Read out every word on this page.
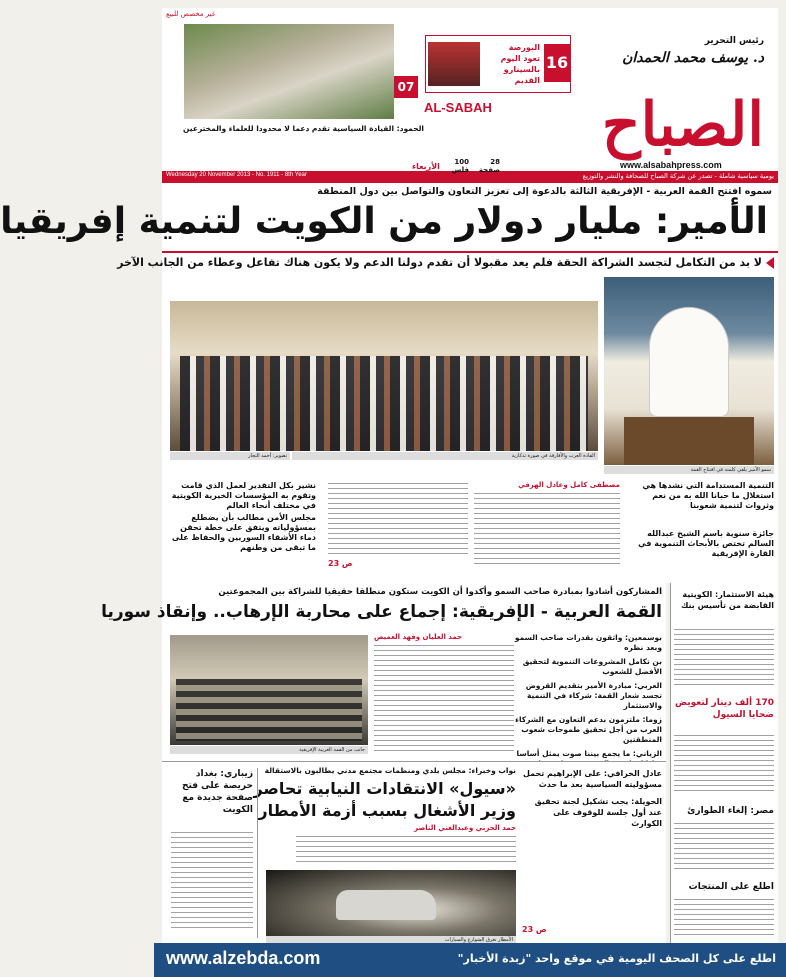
غير مخصص للبيع
رئيس التحرير
د. يوسف محمد الحمدان
16
البورصة تعود اليوم بالسينارو القديم
07
الحمود: القيادة السياسية تقدم دعما لا محدودا للعلماء والمخترعين	الصباح
AL-SABAH
www.alsabahpress.com
الأربعاء
يومية سياسية شاملة - تصدر عن شركة الصباح للصحافة والنشر والتوزيع
Wednesday 20 November 2013 - No. 1911 - 8th Year
28 صفحة
100 فلس
سموه افتتح القمة العربية - الإفريقية الثالثة بالدعوة إلى تعزيز التعاون والتواصل بين دول المنطقة
الأمير: مليار دولار من الكويت لتنمية إفريقيا
لا بد من التكامل لتجسد الشراكة الحقة فلم يعد مقبولا أن تقدم دولنا الدعم ولا يكون هناك تفاعل وعطاء من الجانب الآخر
سمو الأمير يلقي كلمته في افتتاح القمة
القادة العرب والأفارقة في صورة تذكارية
تصوير: أحمد النجار
التنمية المستدامة التي نشدها هي استغلال ما حبانا الله به من نعم وثروات لتنمية شعوبنا
جائزة سنوية باسم الشيخ عبدالله السالم تختص بالأبحاث التنموية في القارة الإفريقية
مصطفى كامل وعادل الهرفي
ص 23
نشير بكل التقدير لعمل الذي قامت وتقوم به المؤسسات الخيرية الكويتية في مختلف أنحاء العالم
مجلس الأمن مطالب بأن يضطلع بمسؤولياته ويتفق على خطة تحقن دماء الأشقاء السوريين والحفاظ على ما تبقى من وطنهم
هيئة الاستثمار: الكويتية القابضة من تأسيس بنك
170 ألف دينار لتعويض ضحايا السيول
مصر: إلغاء الطوارئ
اطلع على المنتجات
المشاركون أشادوا بمبادرة صاحب السمو وأكدوا أن الكويت ستكون منطلقا حقيقيا للشراكة بين المجموعتين
القمة العربية - الإفريقية: إجماع على محاربة الإرهاب.. وإنقاذ سوريا
حمد العليان وفهد العميص	بوسمعين: واثقون بقدرات صاحب السمو وبعد نظره
بن تكامل المشروعات التنموية لتحقيق الأفضل للشعوب
العربي: مبادرة الأمير بتقديم القروض تجسد شعار القمة: شركاء في التنمية والاستثمار
زوما: ملتزمون بدعم التعاون مع الشركاء العرب من أجل تحقيق طموحات شعوب المنطقتين
الزياني: ما يجمع بيننا صوت يمثل أساسا
جانب من القمة العربية الإفريقية
نواب وخبراء: مجلس بلدي ومنظمات مجتمع مدني يطالبون بالاستقالة
«سيول» الانتقادات النيابية تحاصر
وزير الأشغال بسبب أزمة الأمطار
حمد الحربي وعبدالغني الناصر
الأمطار تغرق الشوارع والسيارات
عادل الخرافي: على الإبراهيم تحمل مسؤوليته السياسية بعد ما حدث
الحويلة: يجب تشكيل لجنة تحقيق عند أول جلسة للوقوف على الكوارث
ص 23
زيباري: بغداد حريصة على فتح صفحة جديدة مع الكويت
اطلع على كل الصحف اليومية في موقع واحد "زبدة الأخبار"
www.alzebda.com
